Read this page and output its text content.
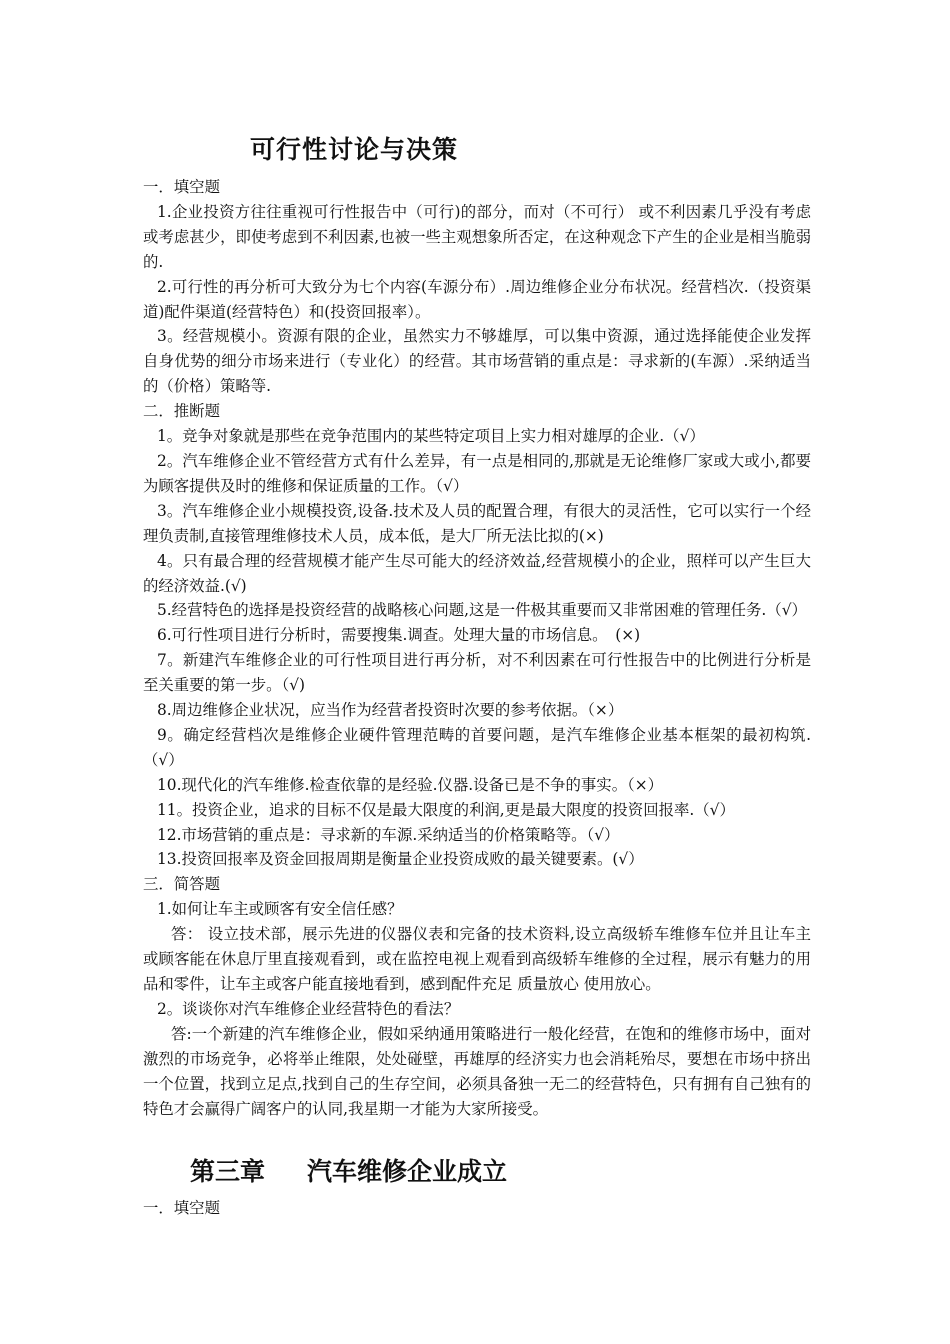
可行性讨论与决策

一．填空题

1.企业投资方往往重视可行性报告中（可行)的部分，而对（不可行） 或不利因素几乎没有考虑或考虑甚少，即使考虑到不利因素,也被一些主观想象所否定，在这种观念下产生的企业是相当脆弱的.

2.可行性的再分析可大致分为七个内容(车源分布）.周边维修企业分布状况。经营档次.（投资渠道)配件渠道(经营特色）和(投资回报率）。

3。经营规模小。资源有限的企业，虽然实力不够雄厚，可以集中资源，通过选择能使企业发挥自身优势的细分市场来进行（专业化）的经营。其市场营销的重点是：寻求新的(车源）.采纳适当的（价格）策略等.

二．推断题

1。竞争对象就是那些在竞争范围内的某些特定项目上实力相对雄厚的企业.（√）

2。汽车维修企业不管经营方式有什么差异，有一点是相同的,那就是无论维修厂家或大或小,都要为顾客提供及时的维修和保证质量的工作。（√）

3。汽车维修企业小规模投资,设备.技术及人员的配置合理，有很大的灵活性，它可以实行一个经理负责制,直接管理维修技术人员，成本低，是大厂所无法比拟的(×)

4。只有最合理的经营规模才能产生尽可能大的经济效益,经营规模小的企业，照样可以产生巨大的经济效益.(√)

5.经营特色的选择是投资经营的战略核心问题,这是一件极其重要而又非常困难的管理任务.（√）

6.可行性项目进行分析时，需要搜集.调查。处理大量的市场信息。　(×)

7。新建汽车维修企业的可行性项目进行再分析，对不利因素在可行性报告中的比例进行分析是至关重要的第一步。（√)

8.周边维修企业状况，应当作为经营者投资时次要的参考依据。（×）

9。确定经营档次是维修企业硬件管理范畴的首要问题，是汽车维修企业基本框架的最初构筑.（√）

10.现代化的汽车维修.检查依靠的是经验.仪器.设备已是不争的事实。（×）

11。投资企业，追求的目标不仅是最大限度的利润,更是最大限度的投资回报率.（√）

12.市场营销的重点是：寻求新的车源.采纳适当的价格策略等。（√）

13.投资回报率及资金回报周期是衡量企业投资成败的最关键要素。(√）

三．简答题

1.如何让车主或顾客有安全信任感？

答： 设立技术部，展示先进的仪器仪表和完备的技术资料,设立高级轿车维修车位并且让车主或顾客能在休息厅里直接观看到，或在监控电视上观看到高级轿车维修的全过程，展示有魅力的用品和零件，让车主或客户能直接地看到，感到配件充足 质量放心 使用放心。

2。谈谈你对汽车维修企业经营特色的看法？

答:一个新建的汽车维修企业，假如采纳通用策略进行一般化经营，在饱和的维修市场中，面对激烈的市场竞争，必将举止维限，处处碰壁，再雄厚的经济实力也会消耗殆尽，要想在市场中挤出一个位置，找到立足点,找到自己的生存空间，必须具备独一无二的经营特色，只有拥有自己独有的特色才会赢得广阔客户的认同,我星期一才能为大家所接受。

第三章 汽车维修企业成立
一．填空题
